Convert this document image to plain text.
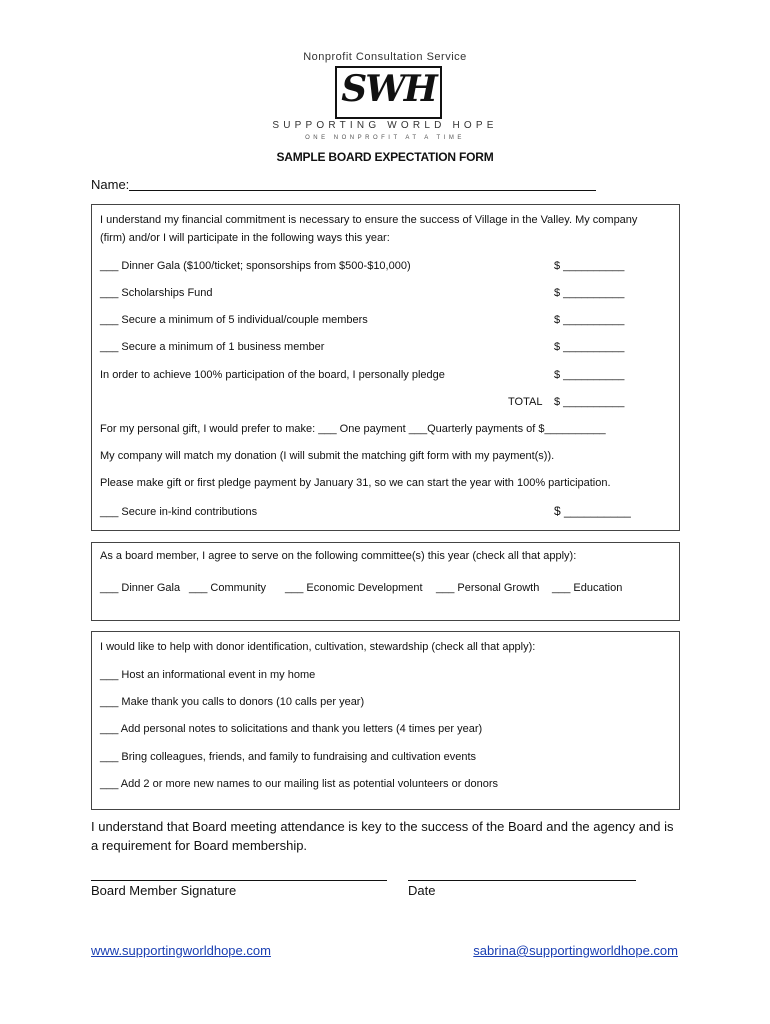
Nonprofit Consultation Service
SWH
SUPPORTING WORLD HOPE
ONE NONPROFIT AT A TIME
SAMPLE BOARD EXPECTATION FORM
Name:
I understand my financial commitment is necessary to ensure the success of Village in the Valley. My company
(firm) and/or I will participate in the following ways this year:
___ Dinner Gala ($100/ticket; sponsorships from $500-$10,000)	$ __________
___ Scholarships Fund	$ __________
___ Secure a minimum of 5 individual/couple members	$ __________
___ Secure a minimum of 1 business member	$ __________
In order to achieve 100% participation of the board, I personally pledge	$ __________
TOTAL $ __________
For my personal gift, I would prefer to make: ___ One payment ___Quarterly payments of $__________
My company will match my donation (I will submit the matching gift form with my payment(s)).
Please make gift or first pledge payment by January 31, so we can start the year with 100% participation.
___ Secure in-kind contributions	$ __________
As a board member, I agree to serve on the following committee(s) this year (check all that apply):
___ Dinner Gala ___ Community ___ Economic Development ___ Personal Growth ___ Education
I would like to help with donor identification, cultivation, stewardship (check all that apply):
___ Host an informational event in my home
___ Make thank you calls to donors (10 calls per year)
___ Add personal notes to solicitations and thank you letters (4 times per year)
___ Bring colleagues, friends, and family to fundraising and cultivation events
___ Add 2 or more new names to our mailing list as potential volunteers or donors
I understand that Board meeting attendance is key to the success of the Board and the agency and is a requirement for Board membership.
Board Member Signature	Date
www.supportingworldhope.com	sabrina@supportingworldhope.com
